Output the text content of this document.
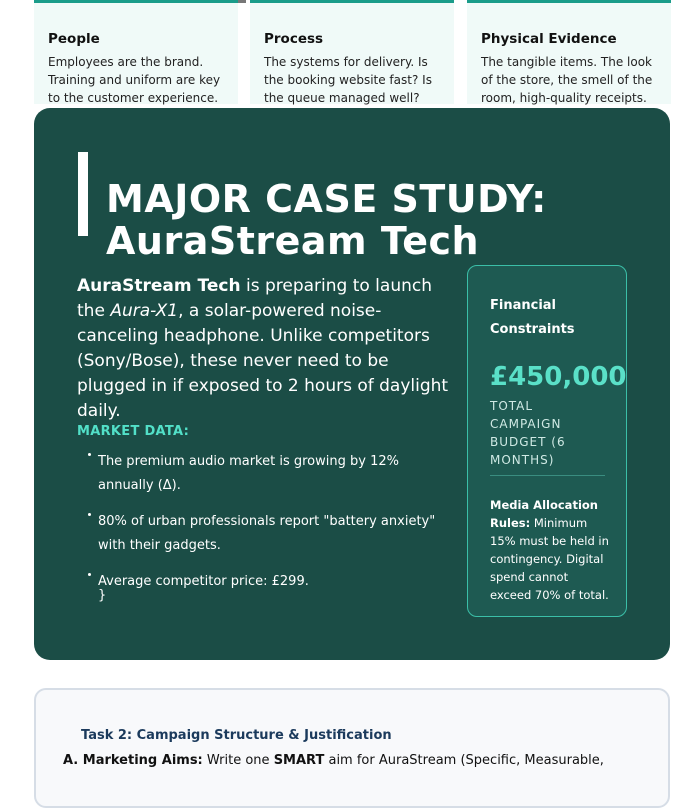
People

Employees are the brand. Training and uniform are key to the customer experience.

Process

The systems for delivery. Is the booking website fast? Is the queue managed well?

Physical Evidence

The tangible items. The look of the store, the smell of the room, high-quality receipts.

MAJOR CASE STUDY:
AuraStream Tech

AuraStream Tech is preparing to launch the Aura-X1, a solar-powered noise-canceling headphone. Unlike competitors (Sony/Bose), these never need to be plugged in if exposed to 2 hours of daylight daily.

MARKET DATA:
The premium audio market is growing by 12% annually (Δ).
80% of urban professionals report "battery anxiety" with their gadgets.
Average competitor price: £299.
}
Financial Constraints
£450,000
TOTAL CAMPAIGN BUDGET (6 MONTHS)

Media Allocation Rules: Minimum 15% must be held in contingency. Digital spend cannot exceed 70% of total.

Task 2: Campaign Structure & Justification

A. Marketing Aims: Write one SMART aim for AuraStream (Specific, Measurable,
